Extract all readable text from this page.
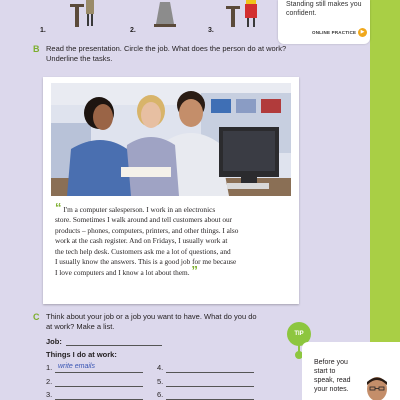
1.	2.	3.
Standing still makes you confident.
ONLINE PRACTICE ▶
B Read the presentation. Circle the job. What does the person do at work?
Underline the tasks.
“ I'm a computer salesperson. I work in an electronics
store. Sometimes I walk around and tell customers about our
products – phones, computers, printers, and other things. I also
work at the cash register. And on Fridays, I usually work at
the tech help desk. Customers ask me a lot of questions, and
I usually know the answers. This is a good job for me because
I love computers and I know a lot about them. ”
C Think about your job or a job you want to have. What do you do
at work? Make a list.
Job:
Things I do at work:
1. write emails
2.
3.
4.
5.
6.
TIP
Before you
start to
speak, read
your notes.
